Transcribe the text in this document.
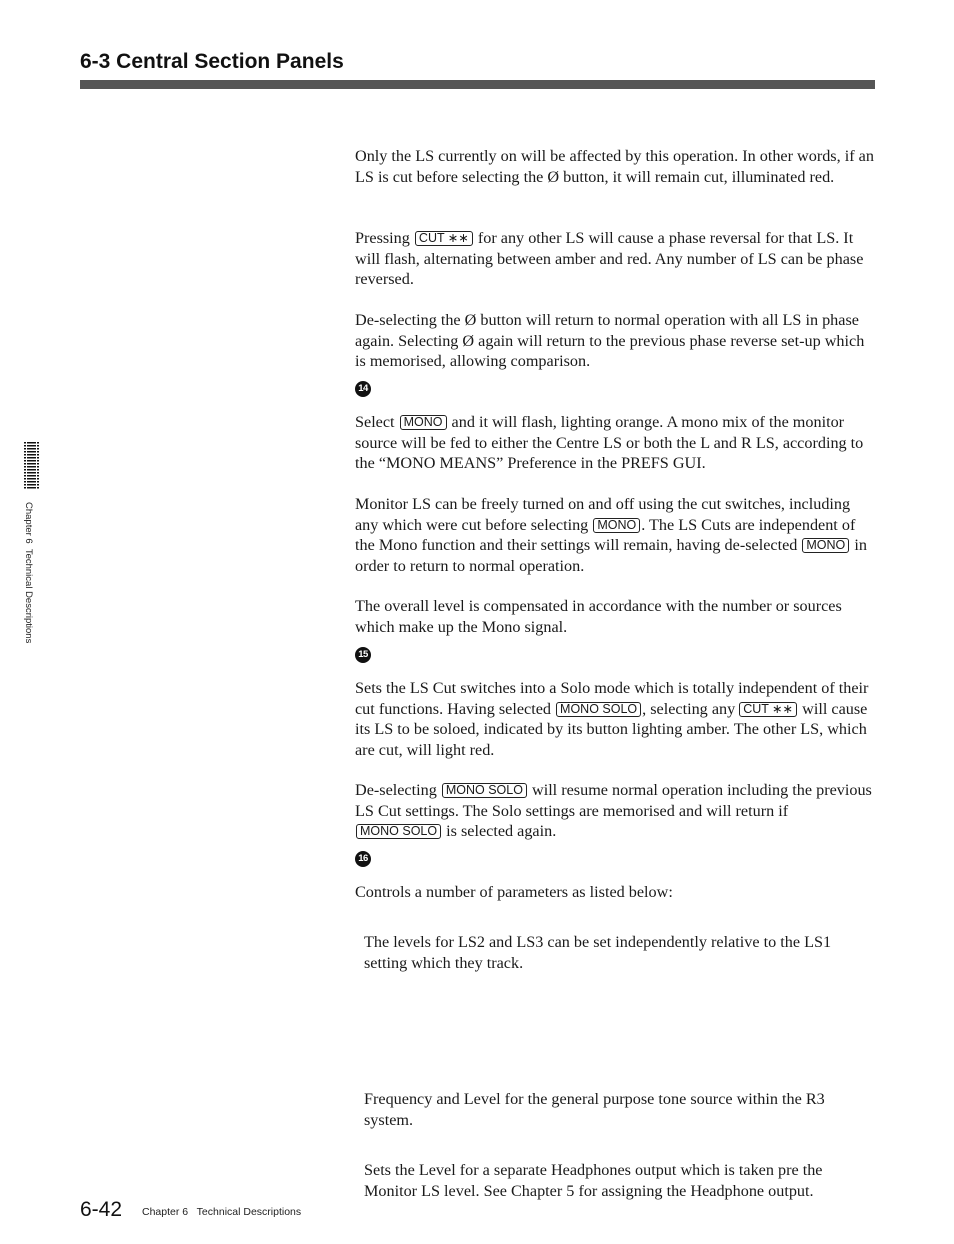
6-3 Central Section Panels
Chapter 6  Technical Descriptions

Only the LS currently on will be affected by this operation. In other words, if an LS is cut before selecting the Ø button, it will remain cut, illuminated red.

Pressing CUT ∗∗ for any other LS will cause a phase reversal for that LS. It will flash, alternating between amber and red. Any number of LS can be phase reversed.

De-selecting the Ø button will return to normal operation with all LS in phase again. Selecting Ø again will return to the previous phase reverse set-up which is memorised, allowing comparison.

14

Select MONO and it will flash, lighting orange. A mono mix of the monitor source will be fed to either the Centre LS or both the L and R LS, according to the “MONO MEANS” Preference in the PREFS GUI.

Monitor LS can be freely turned on and off using the cut switches, including any which were cut before selecting MONO . The LS Cuts are independent of the Mono function and their settings will remain, having de-selected MONO in order to return to normal operation.

The overall level is compensated in accordance with the number or sources which make up the Mono signal.

15

Sets the LS Cut switches into a Solo mode which is totally independent of their cut functions. Having selected MONO SOLO , selecting any CUT ∗∗ will cause its LS to be soloed, indicated by its button lighting amber. The other LS, which are cut, will light red.

De-selecting MONO SOLO will resume normal operation including the previous LS Cut settings. The Solo settings are memorised and will return if MONO SOLO is selected again.

16

Controls a number of parameters as listed below:

The levels for LS2 and LS3 can be set independently relative to the LS1 setting which they track.

Frequency and Level for the general purpose tone source within the R3 system.

Sets the Level for a separate Headphones output which is taken pre the Monitor LS level. See Chapter 5 for assigning the Headphone output.

6-42 Chapter 6   Technical Descriptions
